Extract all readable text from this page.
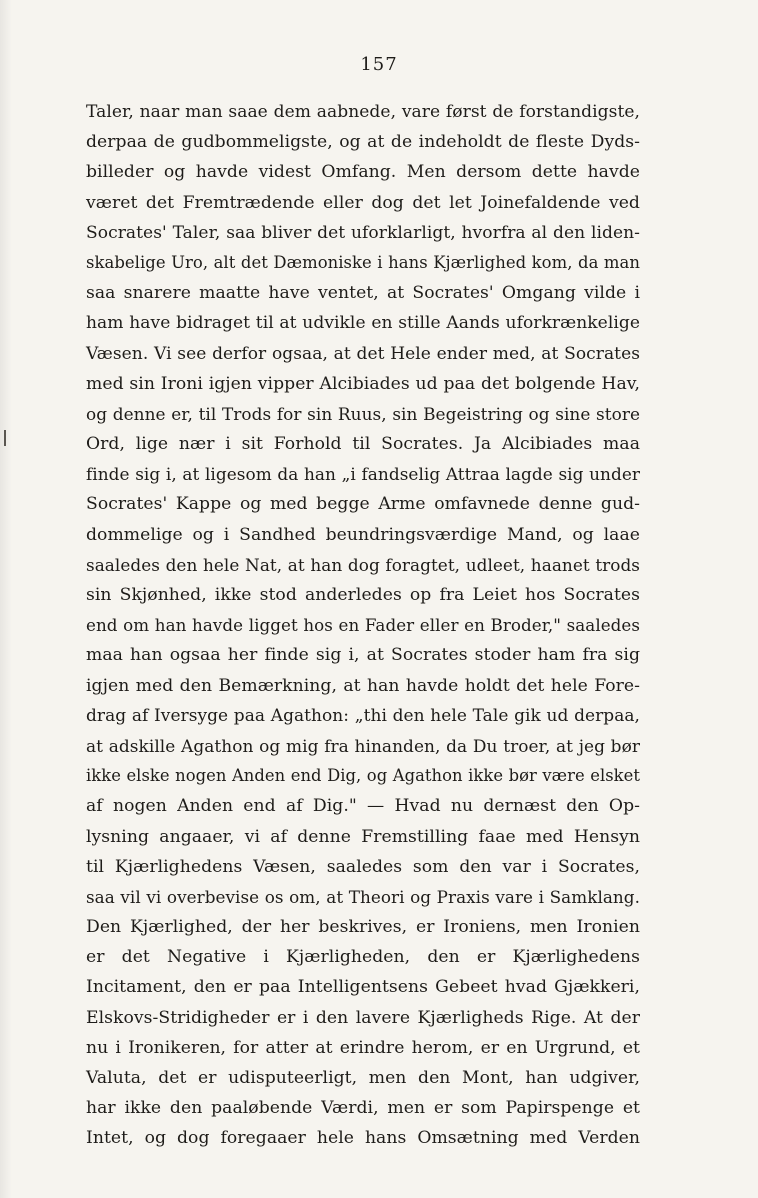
157
Taler, naar man saae dem aabnede, vare først de forstandigste,
derpaa de gudbommeligste, og at de indeholdt de fleste Dyds-
billeder og havde videst Omfang. Men dersom dette havde
været det Fremtrædende eller dog det let Joinefaldende ved
Socrates' Taler, saa bliver det uforklarligt, hvorfra al den liden-
skabelige Uro, alt det Dæmoniske i hans Kjærlighed kom, da man
saa snarere maatte have ventet, at Socrates' Omgang vilde i
ham have bidraget til at udvikle en stille Aands uforkrænkelige
Væsen. Vi see derfor ogsaa, at det Hele ender med, at Socrates
med sin Ironi igjen vipper Alcibiades ud paa det bolgende Hav,
og denne er, til Trods for sin Ruus, sin Begeistring og sine store
Ord, lige nær i sit Forhold til Socrates. Ja Alcibiades maa
finde sig i, at ligesom da han „i fandselig Attraa lagde sig under
Socrates' Kappe og med begge Arme omfavnede denne gud-
dommelige og i Sandhed beundringsværdige Mand, og laae
saaledes den hele Nat, at han dog foragtet, udleet, haanet trods
sin Skjønhed, ikke stod anderledes op fra Leiet hos Socrates
end om han havde ligget hos en Fader eller en Broder," saaledes
maa han ogsaa her finde sig i, at Socrates stoder ham fra sig
igjen med den Bemærkning, at han havde holdt det hele Fore-
drag af Iversyge paa Agathon: „thi den hele Tale gik ud derpaa,
at adskille Agathon og mig fra hinanden, da Du troer, at jeg bør
ikke elske nogen Anden end Dig, og Agathon ikke bør være elsket
af nogen Anden end af Dig." — Hvad nu dernæst den Op-
lysning angaaer, vi af denne Fremstilling faae med Hensyn
til Kjærlighedens Væsen, saaledes som den var i Socrates,
saa vil vi overbevise os om, at Theori og Praxis vare i Samklang.
Den Kjærlighed, der her beskrives, er Ironiens, men Ironien
er det Negative i Kjærligheden, den er Kjærlighedens
Incitament, den er paa Intelligentsens Gebeet hvad Gjækkeri,
Elskovs-Stridigheder er i den lavere Kjærligheds Rige. At der
nu i Ironikeren, for atter at erindre herom, er en Urgrund, et
Valuta, det er udisputeerligt, men den Mont, han udgiver,
har ikke den paaløbende Værdi, men er som Papirspenge et
Intet, og dog foregaaer hele hans Omsætning med Verden
